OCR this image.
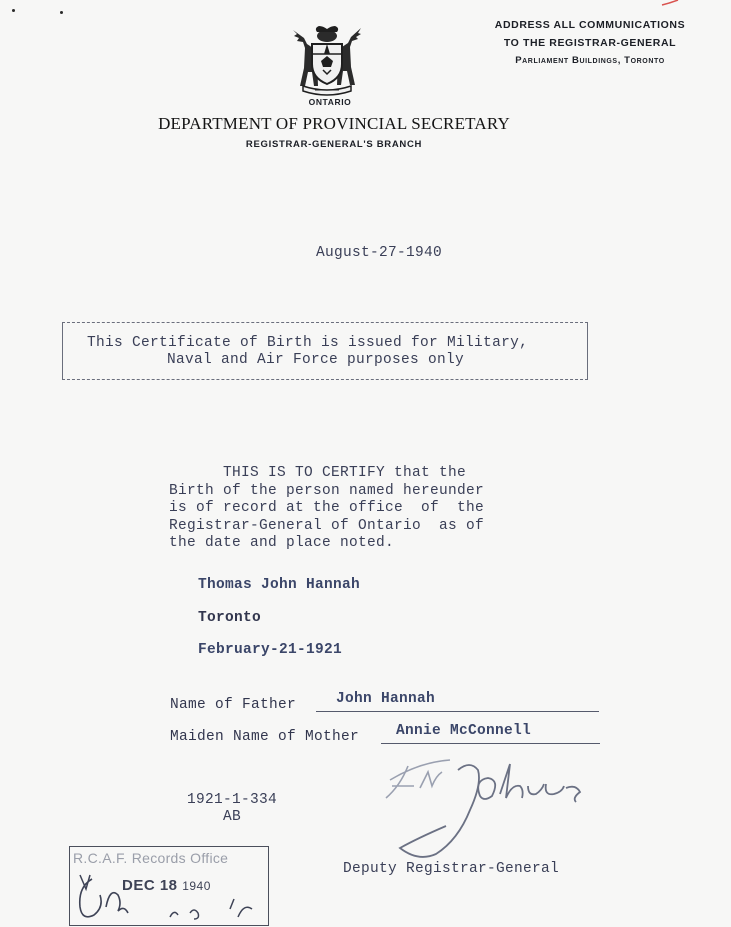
ADDRESS ALL COMMUNICATIONS
TO THE REGISTRAR-GENERAL
Parliament Buildings, Toronto
ONTARIO
DEPARTMENT OF PROVINCIAL SECRETARY
REGISTRAR-GENERAL'S BRANCH
August-27-1940
This Certificate of Birth is issued for Military,
Naval and Air Force purposes only
THIS IS TO CERTIFY that the
Birth of the person named hereunder
is of record at the office  of  the
Registrar-General of Ontario  as of
the date and place noted.
Thomas John Hannah
Toronto
February-21-1921
Name of Father	John Hannah
Maiden Name of Mother	Annie McConnell
1921-1-334
AB
Deputy Registrar-General
R.C.A.F. Records Office
DEC 18 1940
